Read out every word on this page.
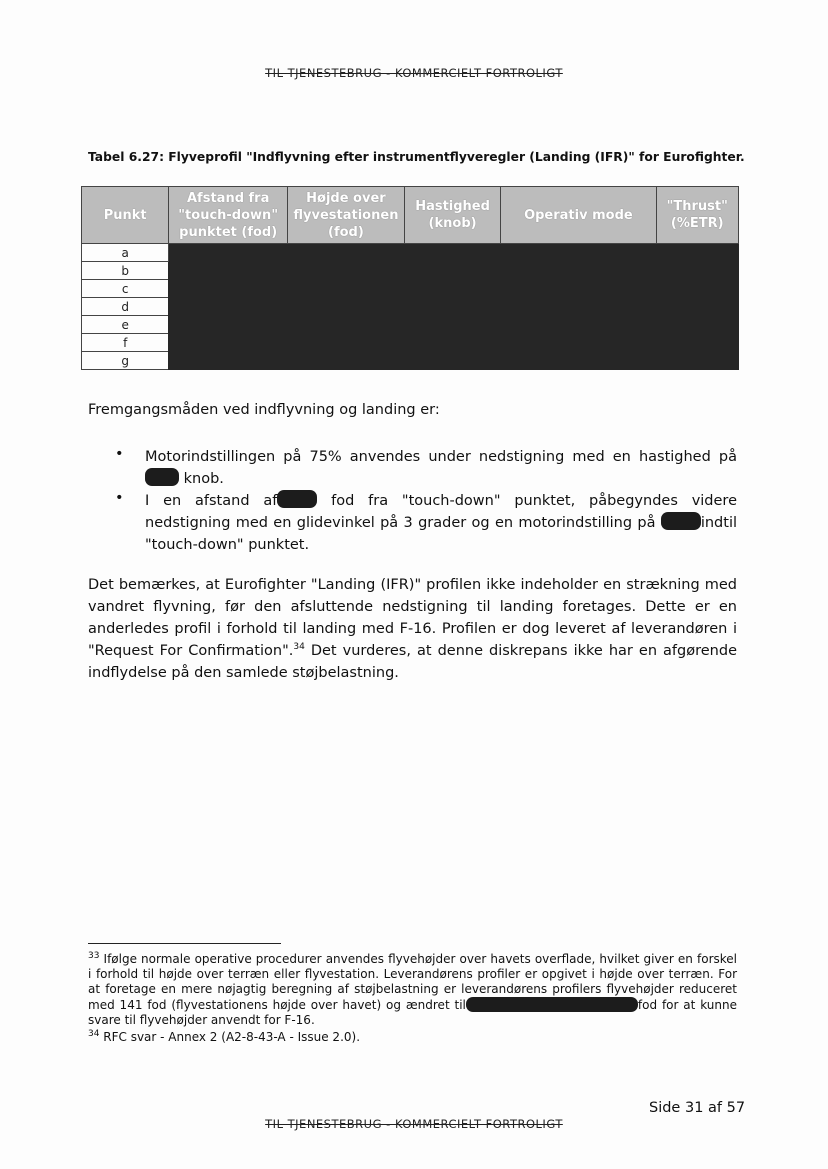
TIL TJENESTEBRUG - KOMMERCIELT FORTROLIGT
Tabel 6.27: Flyveprofil "Indflyvning efter instrumentflyveregler (Landing (IFR)" for Eurofighter.
Punkt	Afstand fra "touch-down" punktet (fod)	Højde over flyvestationen (fod)	Hastighed (knob)	Operativ mode	"Thrust" (%ETR)
a					
b					
c					
d					
e					
f					
g					
Fremgangsmåden ved indflyvning og landing er:
• Motorindstillingen på 75% anvendes under nedstigning med en hastighed på  knob.
• I en afstand af	fod fra "touch-down" punktet, påbegyndes videre nedstigning med en glidevinkel på 3 grader og en motorindstilling på	indtil "touch-down" punktet.
Det bemærkes, at Eurofighter "Landing (IFR)" profilen ikke indeholder en strækning med vandret flyvning, før den afsluttende nedstigning til landing foretages. Dette er en anderledes profil i forhold til landing med F-16. Profilen er dog leveret af leverandøren i "Request For Confirmation".$^{34}$ Det vurderes, at denne diskrepans ikke har en afgørende indflydelse på den samlede støjbelastning.
$^{33}$ Ifølge normale operative procedurer anvendes flyvehøjder over havets overflade, hvilket giver en forskel i forhold til højde over terræn eller flyvestation. Leverandørens profiler er opgivet i højde over terræn. For at foretage en mere nøjagtig beregning af støjbelastning er leverandørens profilers flyvehøjder reduceret med 141 fod (flyvestationens højde over havet) og ændret til	fod for at kunne svare til flyvehøjder anvendt for F-16.
$^{34}$ RFC svar - Annex 2 (A2-8-43-A - Issue 2.0).
Side 31 af 57
TIL TJENESTEBRUG - KOMMERCIELT FORTROLIGT
